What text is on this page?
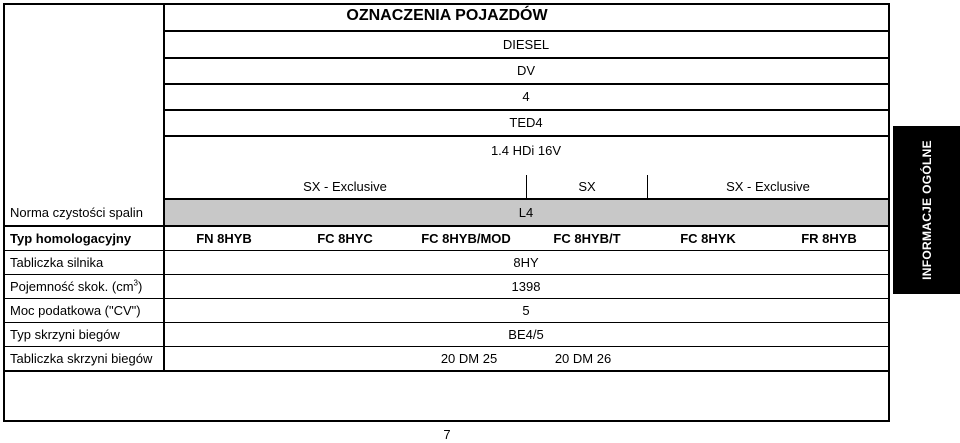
OZNACZENIA POJAZDÓW
DIESEL
DV
4
TED4
1.4 HDi 16V
SX - Exclusive	SX	SX - Exclusive
Norma czystości spalin	L4
Typ homologacyjny	FN 8HYB	FC 8HYC	FC 8HYB/MOD	FC 8HYB/T	FC 8HYK	FR 8HYB
Tabliczka silnika	8HY
Pojemność skok. $(cm^3)$	1398
Moc podatkowa ("CV")	5
Typ skrzyni biegów	BE4/5
Tabliczka skrzyni biegów	20 DM 25	20 DM 26
INFORMACJE OGÓLNE
7
